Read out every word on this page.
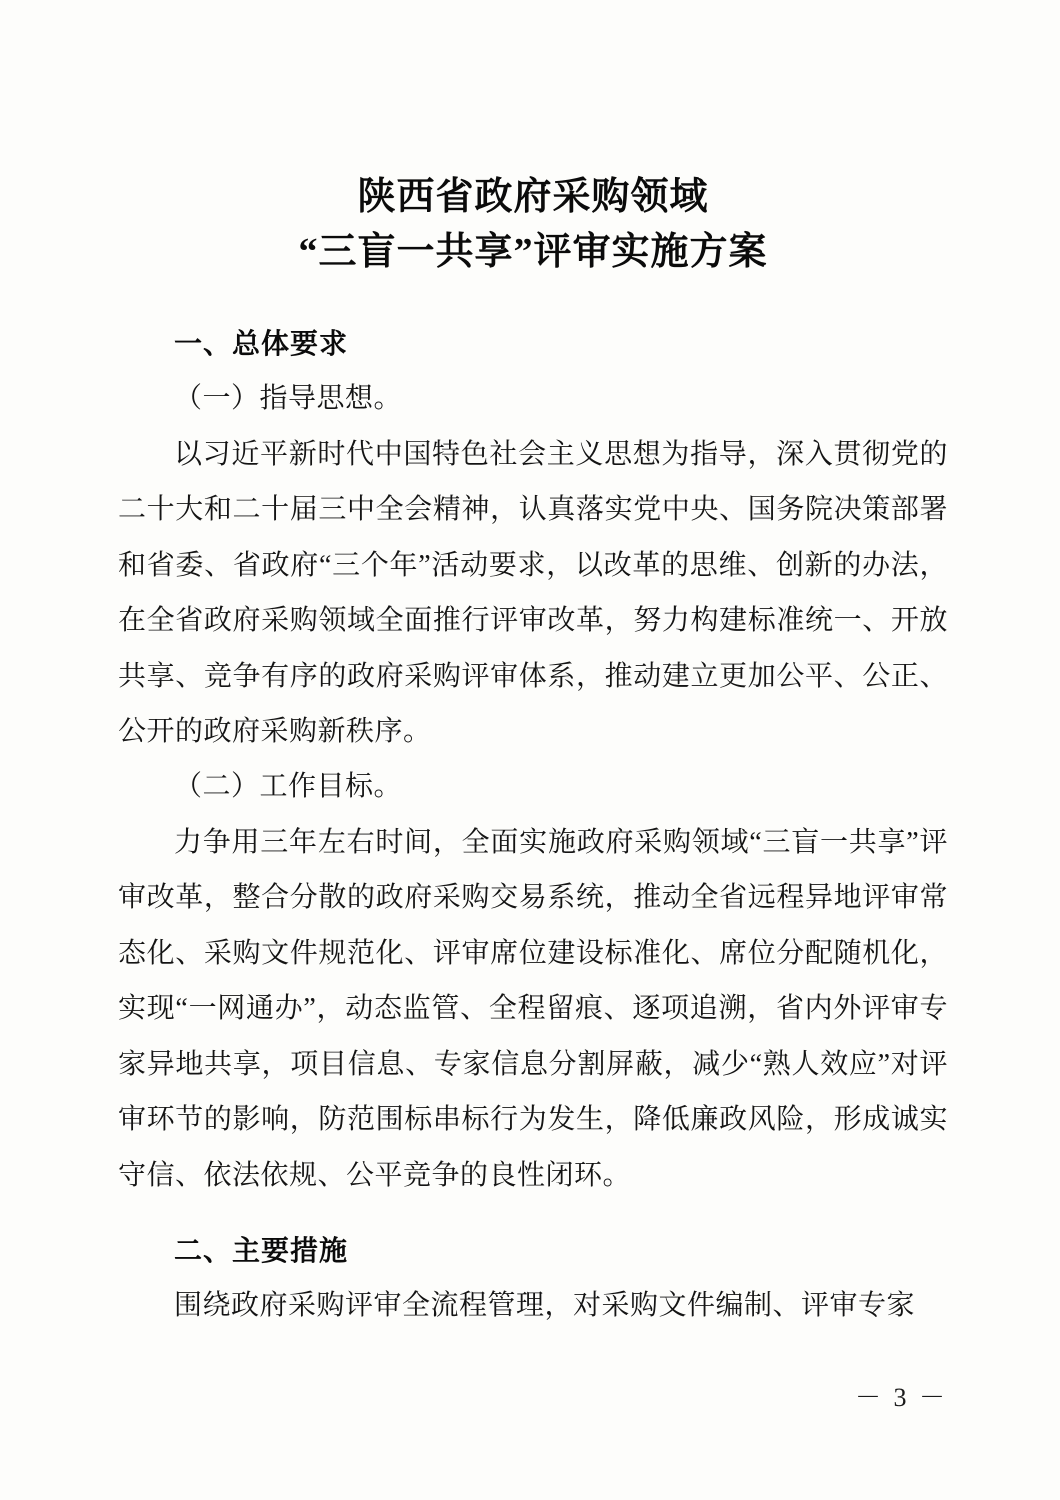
陕西省政府采购领域
“三盲一共享”评审实施方案
一、总体要求

（一）指导思想。

以习近平新时代中国特色社会主义思想为指导，深入贯彻党的二十大和二十届三中全会精神，认真落实党中央、国务院决策部署和省委、省政府“三个年”活动要求，以改革的思维、创新的办法，在全省政府采购领域全面推行评审改革，努力构建标准统一、开放共享、竞争有序的政府采购评审体系，推动建立更加公平、公正、公开的政府采购新秩序。

（二）工作目标。

力争用三年左右时间，全面实施政府采购领域“三盲一共享”评审改革，整合分散的政府采购交易系统，推动全省远程异地评审常态化、采购文件规范化、评审席位建设标准化、席位分配随机化，实现“一网通办”，动态监管、全程留痕、逐项追溯，省内外评审专家异地共享，项目信息、专家信息分割屏蔽，减少“熟人效应”对评审环节的影响，防范围标串标行为发生，降低廉政风险，形成诚实守信、依法依规、公平竞争的良性闭环。

二、主要措施

围绕政府采购评审全流程管理，对采购文件编制、评审专家

－ 3 －
